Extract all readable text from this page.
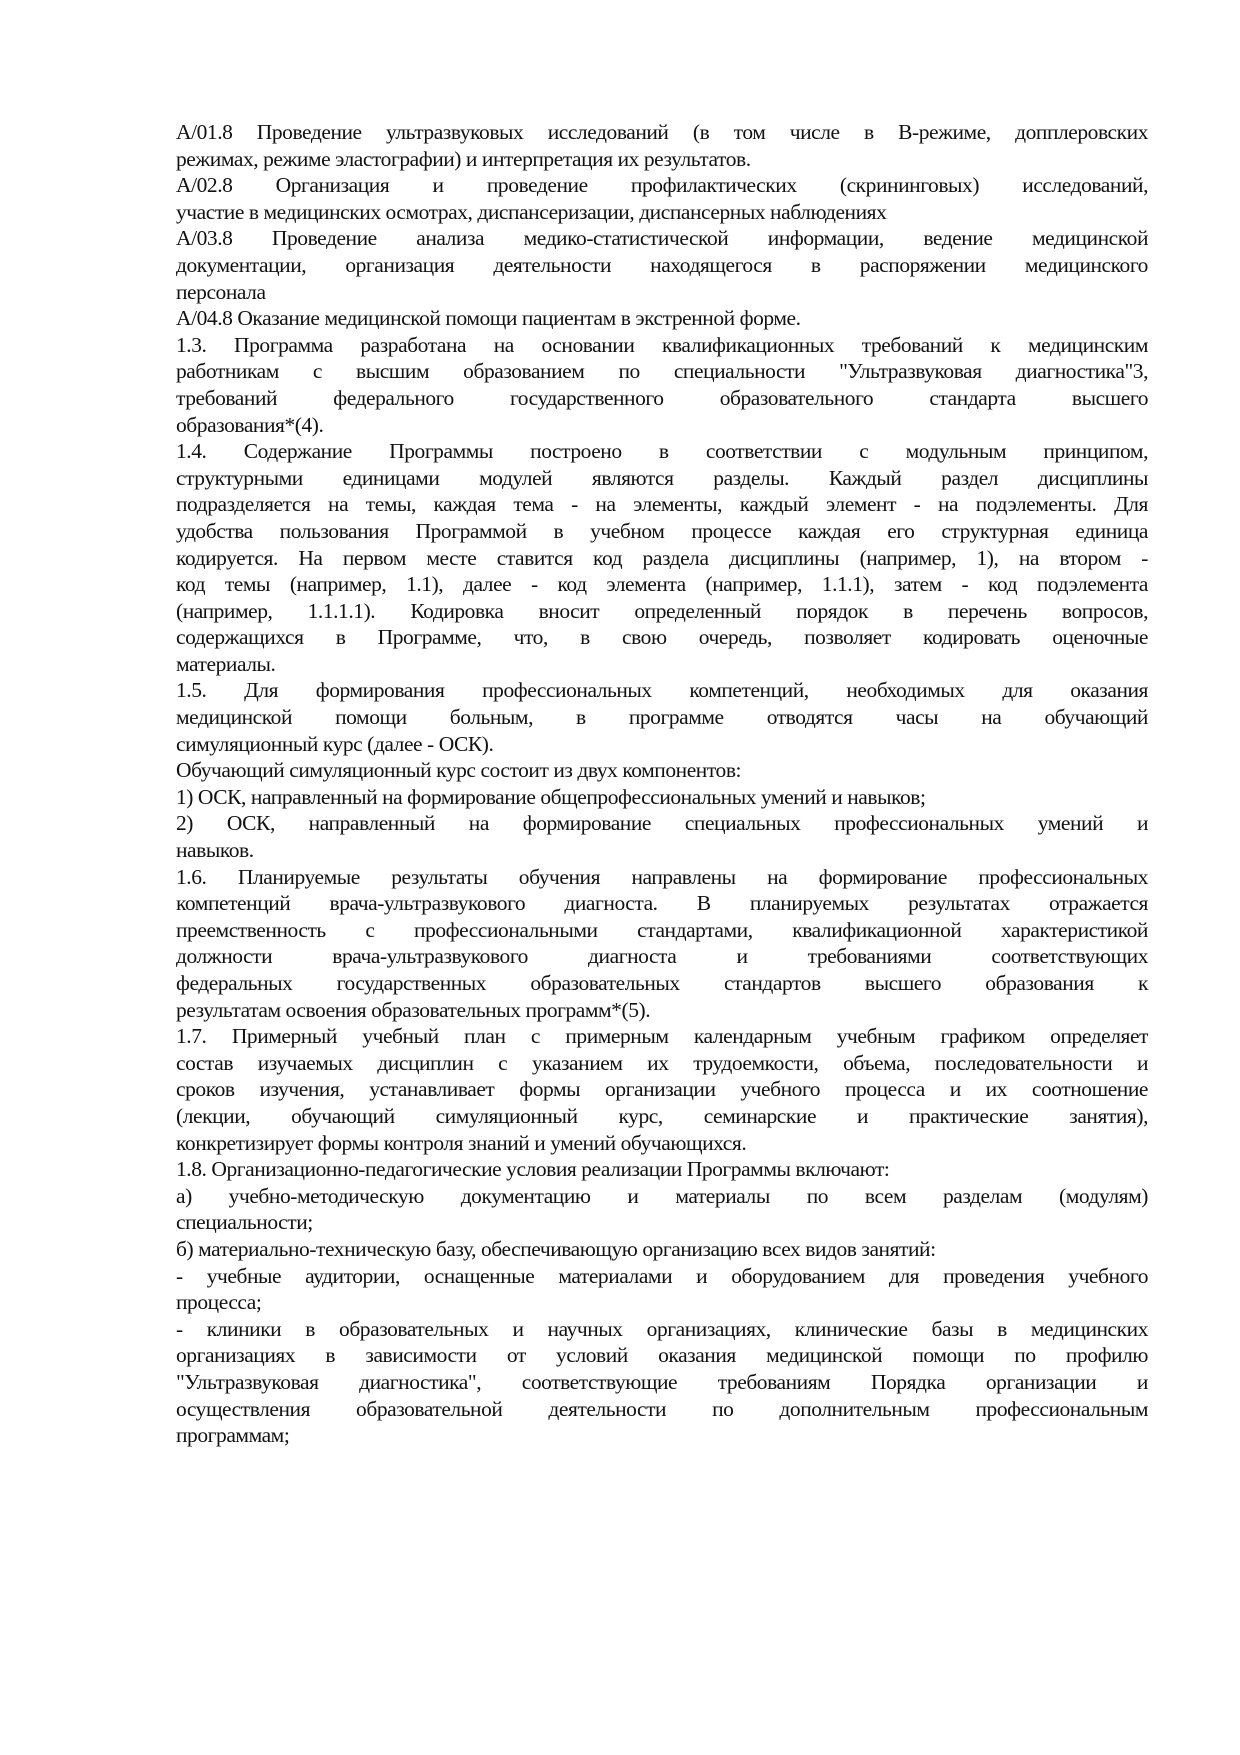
А/01.8 Проведение ультразвуковых исследований (в том числе в В-режиме, допплеровских
режимах, режиме эластографии) и интерпретация их результатов.
А/02.8 Организация и проведение профилактических (скрининговых) исследований,
участие в медицинских осмотрах, диспансеризации, диспансерных наблюдениях
А/03.8 Проведение анализа медико-статистической информации, ведение медицинской
документации, организация деятельности находящегося в распоряжении медицинского
персонала
А/04.8 Оказание медицинской помощи пациентам в экстренной форме.
1.3. Программа разработана на основании квалификационных требований к медицинским
работникам с высшим образованием по специальности "Ультразвуковая диагностика"3,
требований федерального государственного образовательного стандарта высшего
образования*(4).
1.4. Содержание Программы построено в соответствии с модульным принципом,
структурными единицами модулей являются разделы. Каждый раздел дисциплины
подразделяется на темы, каждая тема - на элементы, каждый элемент - на подэлементы. Для
удобства пользования Программой в учебном процессе каждая его структурная единица
кодируется. На первом месте ставится код раздела дисциплины (например, 1), на втором -
код темы (например, 1.1), далее - код элемента (например, 1.1.1), затем - код подэлемента
(например, 1.1.1.1). Кодировка вносит определенный порядок в перечень вопросов,
содержащихся в Программе, что, в свою очередь, позволяет кодировать оценочные
материалы.
1.5. Для формирования профессиональных компетенций, необходимых для оказания
медицинской помощи больным, в программе отводятся часы на обучающий
симуляционный курс (далее - ОСК).
Обучающий симуляционный курс состоит из двух компонентов:
1) ОСК, направленный на формирование общепрофессиональных умений и навыков;
2) ОСК, направленный на формирование специальных профессиональных умений и
навыков.
1.6. Планируемые результаты обучения направлены на формирование профессиональных
компетенций врача-ультразвукового диагноста. В планируемых результатах отражается
преемственность с профессиональными стандартами, квалификационной характеристикой
должности врача-ультразвукового диагноста и требованиями соответствующих
федеральных государственных образовательных стандартов высшего образования к
результатам освоения образовательных программ*(5).
1.7. Примерный учебный план с примерным календарным учебным графиком определяет
состав изучаемых дисциплин с указанием их трудоемкости, объема, последовательности и
сроков изучения, устанавливает формы организации учебного процесса и их соотношение
(лекции, обучающий симуляционный курс, семинарские и практические занятия),
конкретизирует формы контроля знаний и умений обучающихся.
1.8. Организационно-педагогические условия реализации Программы включают:
а) учебно-методическую документацию и материалы по всем разделам (модулям)
специальности;
б) материально-техническую базу, обеспечивающую организацию всех видов занятий:
- учебные аудитории, оснащенные материалами и оборудованием для проведения учебного
процесса;
- клиники в образовательных и научных организациях, клинические базы в медицинских
организациях в зависимости от условий оказания медицинской помощи по профилю
"Ультразвуковая диагностика", соответствующие требованиям Порядка организации и
осуществления образовательной деятельности по дополнительным профессиональным
программам;
